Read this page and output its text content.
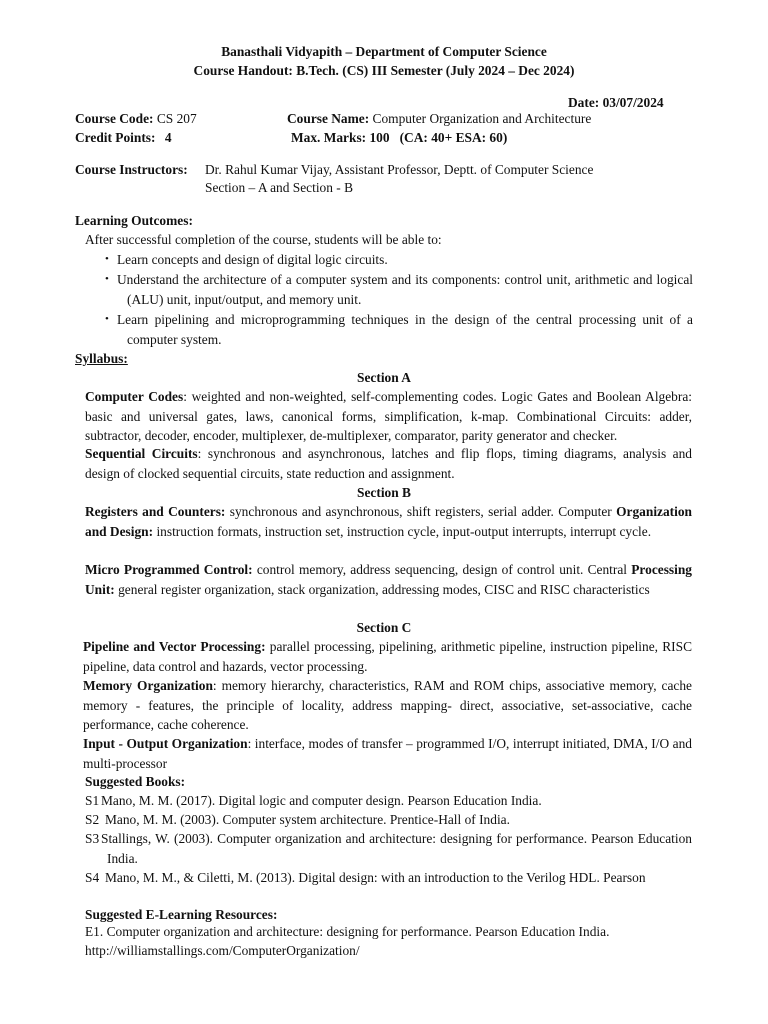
Banasthali Vidyapith – Department of Computer Science
Course Handout: B.Tech. (CS) III Semester (July 2024 – Dec 2024)
Date: 03/07/2024
Course Code: CS 207	Course Name: Computer Organization and Architecture
Credit Points: 4	Max. Marks: 100   (CA: 40+ ESA: 60)
Course Instructors: Dr. Rahul Kumar Vijay, Assistant Professor, Deptt. of Computer Science
Section – A and Section - B
Learning Outcomes:
After successful completion of the course, students will be able to:
• Learn concepts and design of digital logic circuits.
• Understand the architecture of a computer system and its components: control unit, arithmetic and logical (ALU) unit, input/output, and memory unit.
• Learn pipelining and microprogramming techniques in the design of the central processing unit of a computer system.
Syllabus:
Section A
Computer Codes: weighted and non-weighted, self-complementing codes. Logic Gates and Boolean Algebra: basic and universal gates, laws, canonical forms, simplification, k-map. Combinational Circuits: adder, subtractor, decoder, encoder, multiplexer, de-multiplexer, comparator, parity generator and checker.
Sequential Circuits: synchronous and asynchronous, latches and flip flops, timing diagrams, analysis and design of clocked sequential circuits, state reduction and assignment.
Section B
Registers and Counters: synchronous and asynchronous, shift registers, serial adder. Computer Organization and Design: instruction formats, instruction set, instruction cycle, input-output interrupts, interrupt cycle.
Micro Programmed Control: control memory, address sequencing, design of control unit. Central Processing Unit: general register organization, stack organization, addressing modes, CISC and RISC characteristics
Section C
Pipeline and Vector Processing: parallel processing, pipelining, arithmetic pipeline, instruction pipeline, RISC pipeline, data control and hazards, vector processing.
Memory Organization: memory hierarchy, characteristics, RAM and ROM chips, associative memory, cache memory - features, the principle of locality, address mapping- direct, associative, set-associative, cache performance, cache coherence.
Input - Output Organization: interface, modes of transfer – programmed I/O, interrupt initiated, DMA, I/O and multi-processor
Suggested Books:
S1 Mano, M. M. (2017). Digital logic and computer design. Pearson Education India.
S2 Mano, M. M. (2003). Computer system architecture. Prentice-Hall of India.
S3 Stallings, W. (2003). Computer organization and architecture: designing for performance. Pearson Education India.
S4 Mano, M. M., & Ciletti, M. (2013). Digital design: with an introduction to the Verilog HDL. Pearson
Suggested E-Learning Resources:
E1. Computer organization and architecture: designing for performance. Pearson Education India.
http://williamstallings.com/ComputerOrganization/
